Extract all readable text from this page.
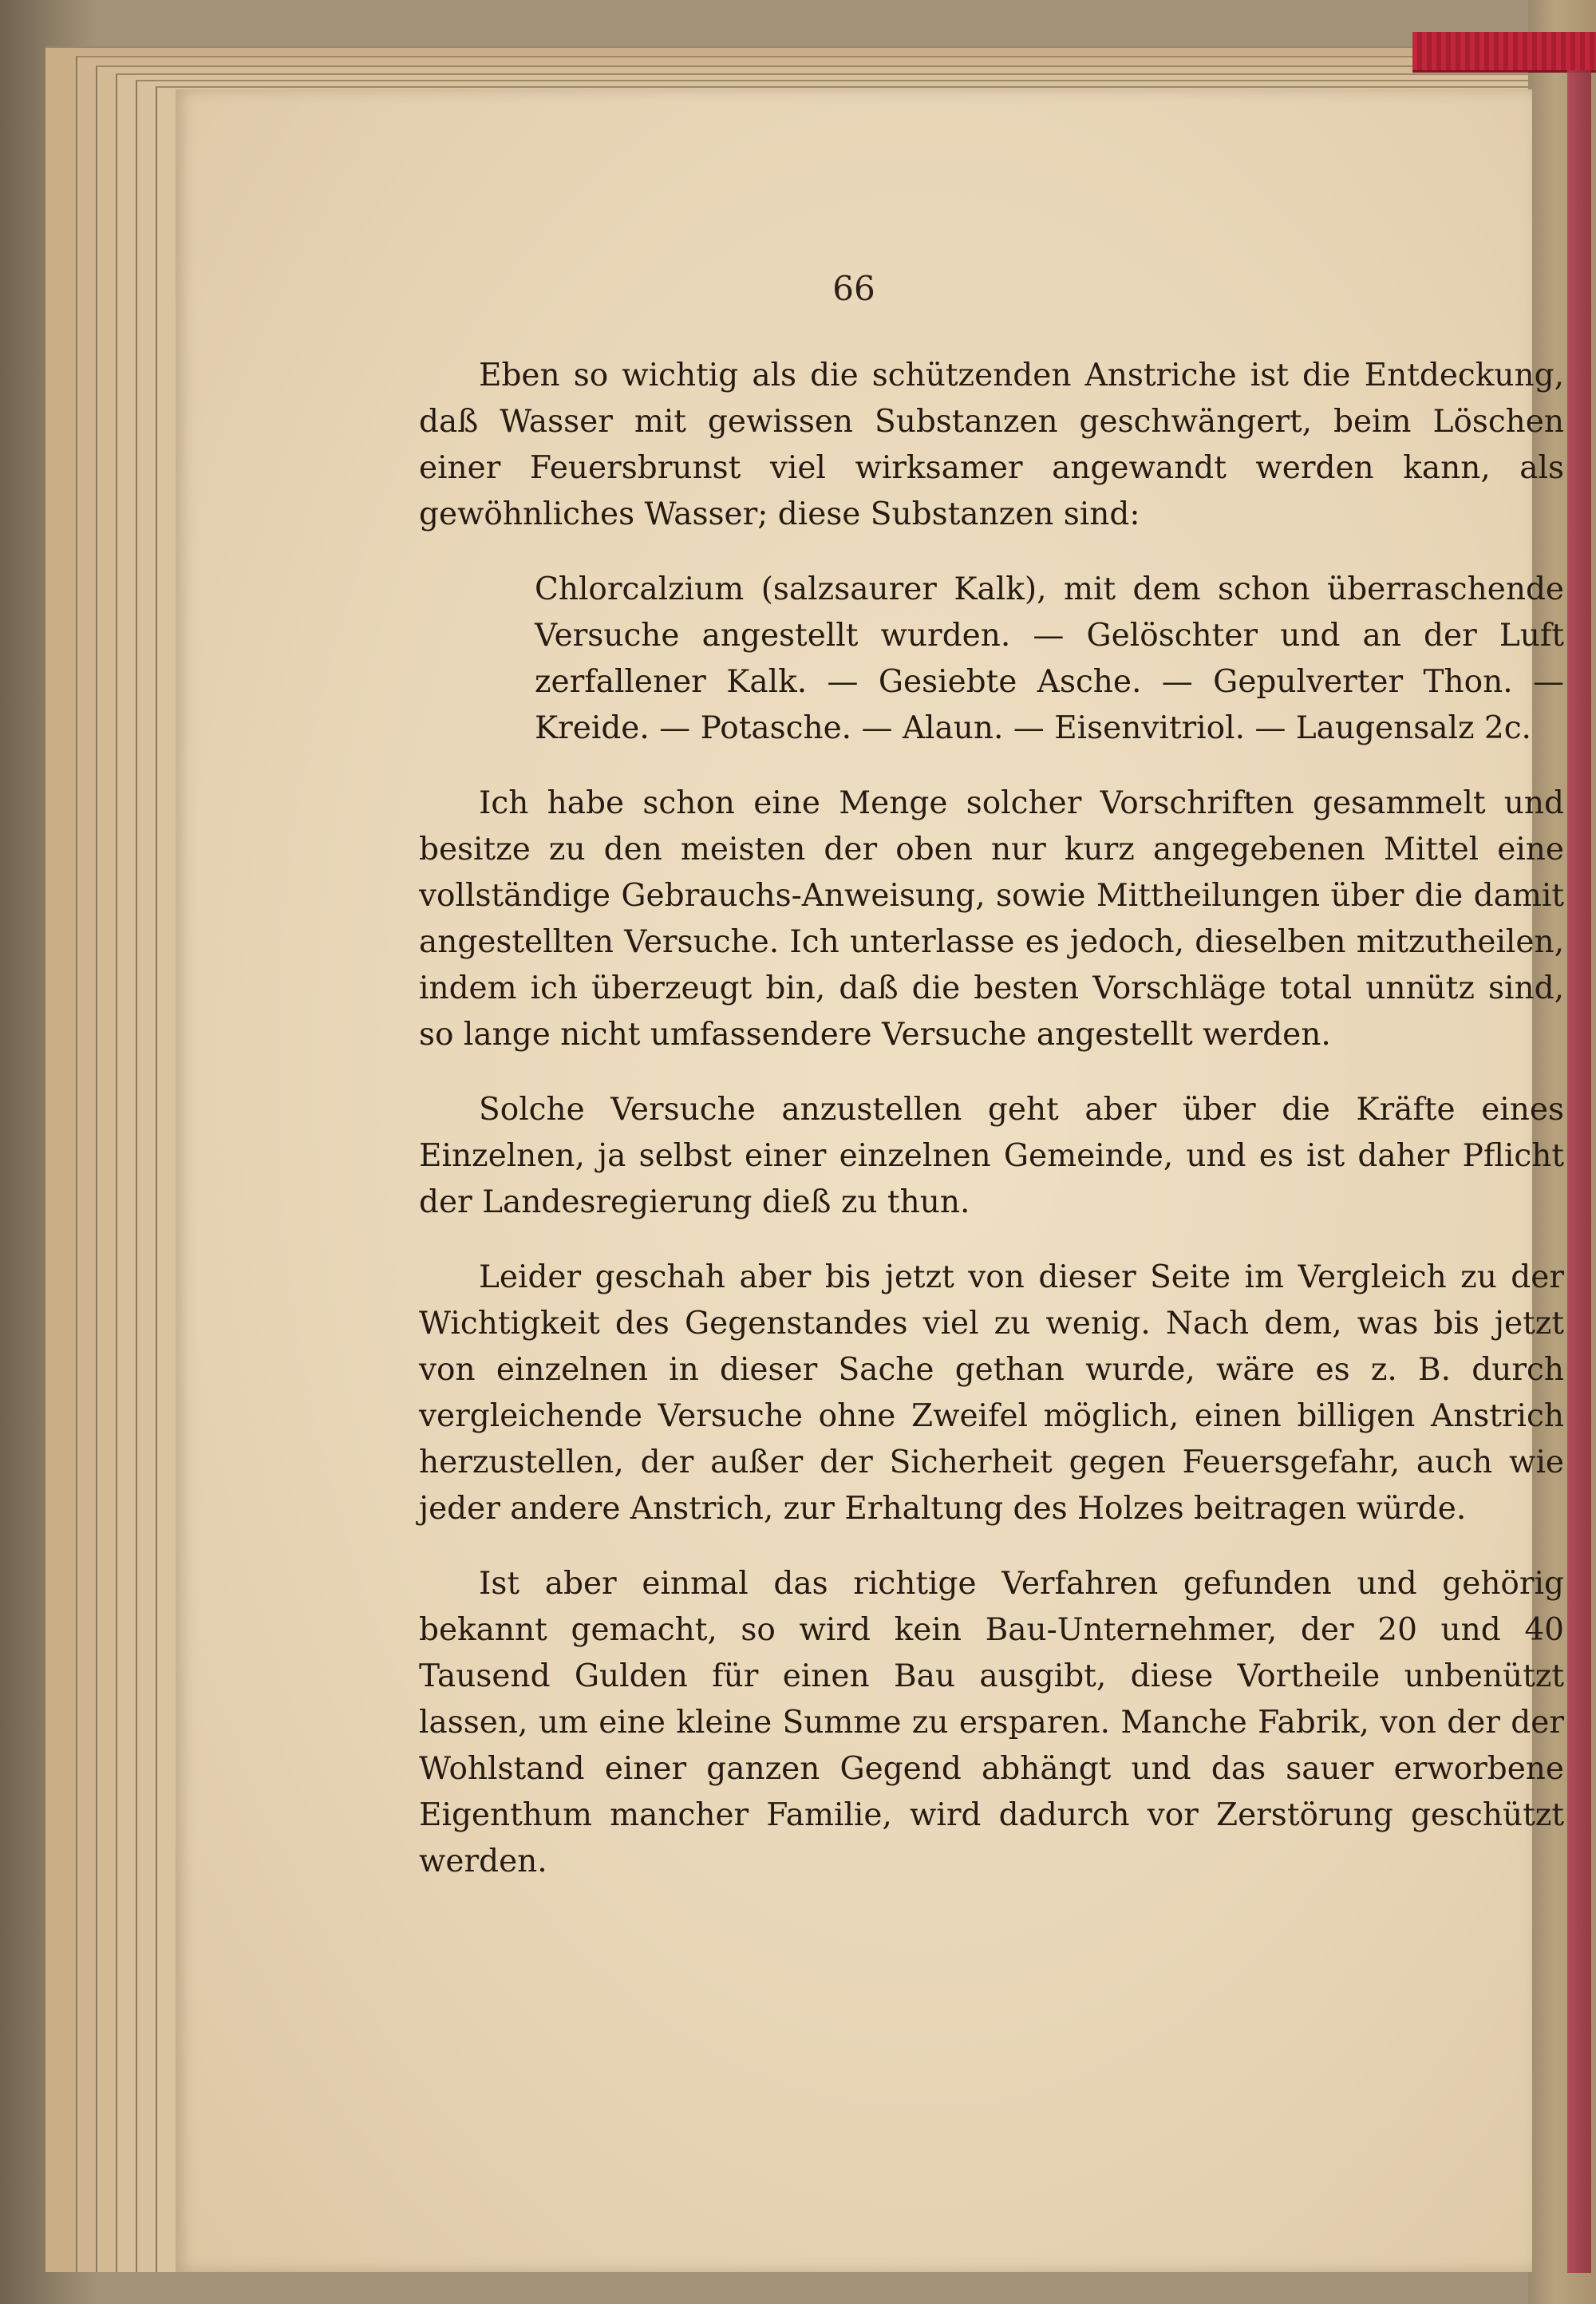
66

Eben so wichtig als die schützenden Anstriche ist die Entdeckung, daß Wasser mit gewissen Substanzen geschwängert, beim Löschen einer Feuersbrunst viel wirksamer angewandt werden kann, als gewöhnliches Wasser; diese Substanzen sind:

Chlorcalzium (salzsaurer Kalk), mit dem schon überraschende Versuche angestellt wurden. — Gelöschter und an der Luft zerfallener Kalk. — Gesiebte Asche. — Gepulverter Thon. — Kreide. — Potasche. — Alaun. — Eisenvitriol. — Laugensalz 2c.

Ich habe schon eine Menge solcher Vorschriften gesammelt und besitze zu den meisten der oben nur kurz angegebenen Mittel eine vollständige Gebrauchs-Anweisung, sowie Mittheilungen über die damit angestellten Versuche. Ich unterlasse es jedoch, dieselben mitzutheilen, indem ich überzeugt bin, daß die besten Vorschläge total unnütz sind, so lange nicht umfassendere Versuche angestellt werden.

Solche Versuche anzustellen geht aber über die Kräfte eines Einzelnen, ja selbst einer einzelnen Gemeinde, und es ist daher Pflicht der Landesregierung dieß zu thun.

Leider geschah aber bis jetzt von dieser Seite im Vergleich zu der Wichtigkeit des Gegenstandes viel zu wenig. Nach dem, was bis jetzt von einzelnen in dieser Sache gethan wurde, wäre es z. B. durch vergleichende Versuche ohne Zweifel möglich, einen billigen Anstrich herzustellen, der außer der Sicherheit gegen Feuersgefahr, auch wie jeder andere Anstrich, zur Erhaltung des Holzes beitragen würde.

Ist aber einmal das richtige Verfahren gefunden und gehörig bekannt gemacht, so wird kein Bau-Unternehmer, der 20 und 40 Tausend Gulden für einen Bau ausgibt, diese Vortheile unbenützt lassen, um eine kleine Summe zu ersparen. Manche Fabrik, von der der Wohlstand einer ganzen Gegend abhängt und das sauer erworbene Eigenthum mancher Familie, wird dadurch vor Zerstörung geschützt werden.
